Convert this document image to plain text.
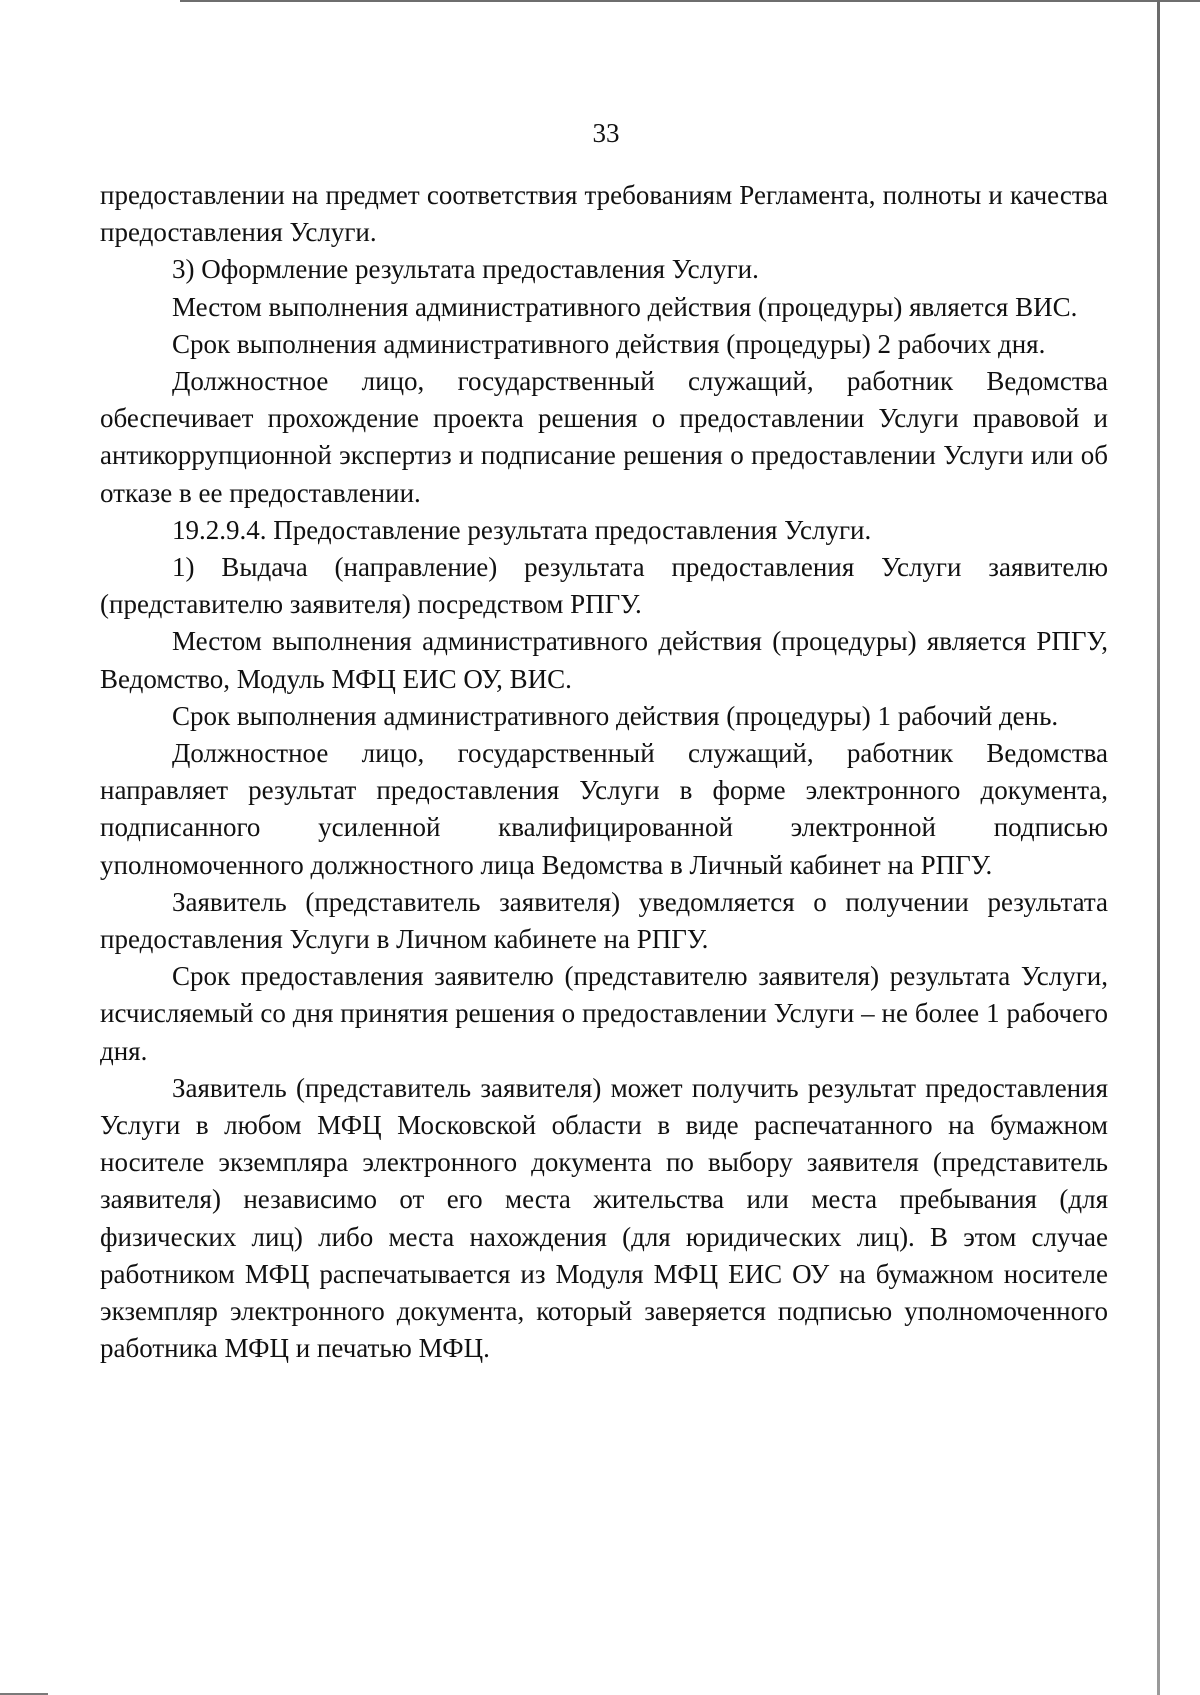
33

предоставлении на предмет соответствия требованиям Регламента, полноты и качества предоставления Услуги.

3) Оформление результата предоставления Услуги.

Местом выполнения административного действия (процедуры) является ВИС.

Срок выполнения административного действия (процедуры) 2 рабочих дня.

Должностное лицо, государственный служащий, работник Ведомства обеспечивает прохождение проекта решения о предоставлении Услуги правовой и антикоррупционной экспертиз и подписание решения о предоставлении Услуги или об отказе в ее предоставлении.

19.2.9.4. Предоставление результата предоставления Услуги.

1) Выдача (направление) результата предоставления Услуги заявителю (представителю заявителя) посредством РПГУ.

Местом выполнения административного действия (процедуры) является РПГУ, Ведомство, Модуль МФЦ ЕИС ОУ, ВИС.

Срок выполнения административного действия (процедуры) 1 рабочий день.

Должностное лицо, государственный служащий, работник Ведомства направляет результат предоставления Услуги в форме электронного документа, подписанного усиленной квалифицированной электронной подписью уполномоченного должностного лица Ведомства в Личный кабинет на РПГУ.

Заявитель (представитель заявителя) уведомляется о получении результата предоставления Услуги в Личном кабинете на РПГУ.

Срок предоставления заявителю (представителю заявителя) результата Услуги, исчисляемый со дня принятия решения о предоставлении Услуги – не более 1 рабочего дня.

Заявитель (представитель заявителя) может получить результат предоставления Услуги в любом МФЦ Московской области в виде распечатанного на бумажном носителе экземпляра электронного документа по выбору заявителя (представитель заявителя) независимо от его места жительства или места пребывания (для физических лиц) либо места нахождения (для юридических лиц). В этом случае работником МФЦ распечатывается из Модуля МФЦ ЕИС ОУ на бумажном носителе экземпляр электронного документа, который заверяется подписью уполномоченного работника МФЦ и печатью МФЦ.
